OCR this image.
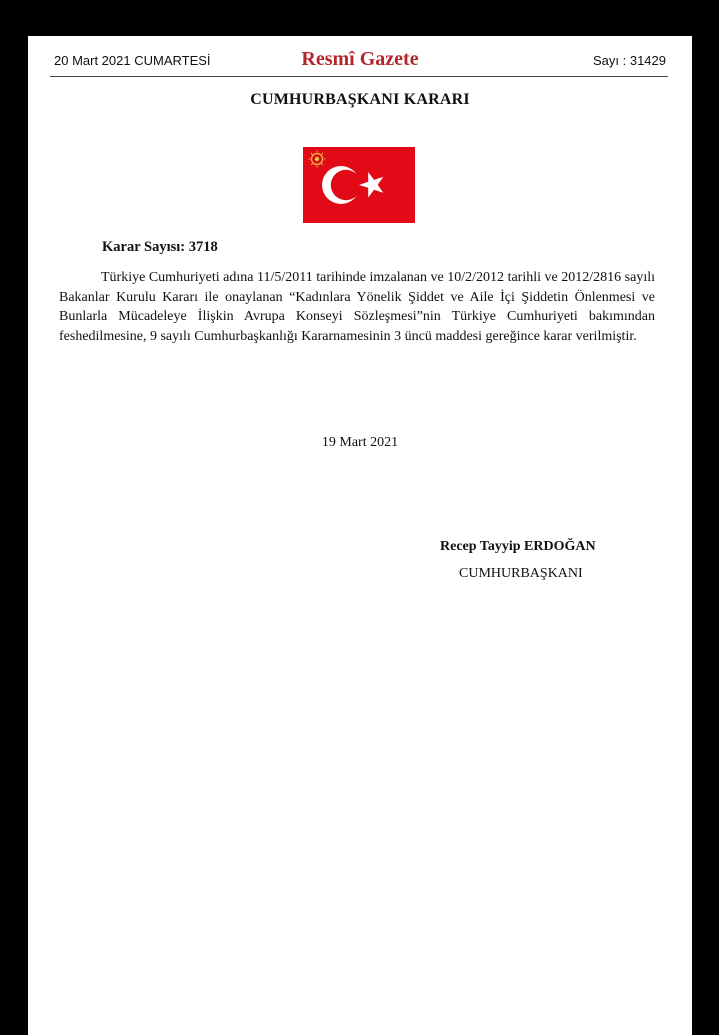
20 Mart 2021 CUMARTESİ	Resmî Gazete	Sayı : 31429
CUMHURBAŞKANI KARARI
Karar Sayısı: 3718
Türkiye Cumhuriyeti adına 11/5/2011 tarihinde imzalanan ve 10/2/2012 tarihli ve 2012/2816 sayılı Bakanlar Kurulu Kararı ile onaylanan “Kadınlara Yönelik Şiddet ve Aile İçi Şiddetin Önlenmesi ve Bunlarla Mücadeleye İlişkin Avrupa Konseyi Sözleşmesi”nin Türkiye Cumhuriyeti bakımından feshedilmesine, 9 sayılı Cumhurbaşkanlığı Kararnamesinin 3 üncü maddesi gereğince karar verilmiştir.
19 Mart 2021
Recep Tayyip ERDOĞAN
CUMHURBAŞKANI
